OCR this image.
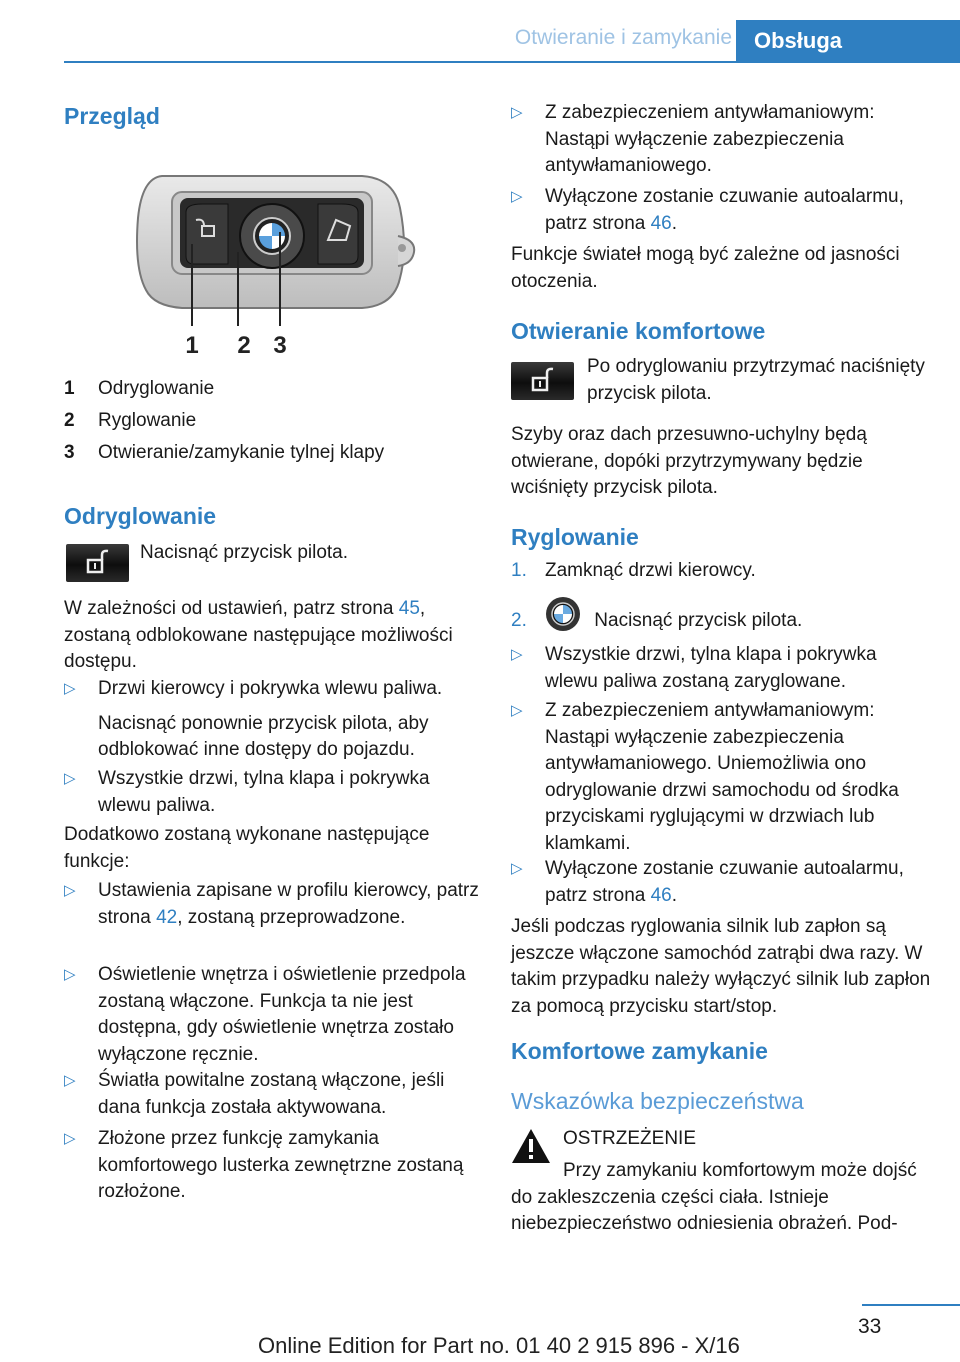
Otwieranie i zamykanie	Obsługa
Przegląd
1 2 3
1 Odryglowanie
2 Ryglowanie
3 Otwieranie/zamykanie tylnej klapy
Odryglowanie
Nacisnąć przycisk pilota.
W zależności od ustawień, patrz strona 45, zostaną odblokowane następujące możliwości dostępu.
▷ Drzwi kierowcy i pokrywka wlewu paliwa.
Nacisnąć ponownie przycisk pilota, aby odblokować inne dostępy do pojazdu.
▷ Wszystkie drzwi, tylna klapa i pokrywka wlewu paliwa.
Dodatkowo zostaną wykonane następujące funkcje:
▷ Ustawienia zapisane w profilu kierowcy, patrz strona 42, zostaną przeprowadzone.
▷ Oświetlenie wnętrza i oświetlenie przedpola zostaną włączone. Funkcja ta nie jest dostępna, gdy oświetlenie wnętrza zostało wyłączone ręcznie.
▷ Światła powitalne zostaną włączone, jeśli dana funkcja została aktywowana.
▷ Złożone przez funkcję zamykania komfortowego lusterka zewnętrzne zostaną rozłożone.
▷ Z zabezpieczeniem antywłamaniowym: Nastąpi wyłączenie zabezpieczenia antywłamaniowego.
▷ Wyłączone zostanie czuwanie autoalarmu, patrz strona 46.
Funkcje świateł mogą być zależne od jasności otoczenia.
Otwieranie komfortowe
Po odryglowaniu przytrzymać naciśnięty przycisk pilota.
Szyby oraz dach przesuwno-uchylny będą otwierane, dopóki przytrzymywany będzie wciśnięty przycisk pilota.
Ryglowanie
1. Zamknąć drzwi kierowcy.
2.	Nacisnąć przycisk pilota.
▷ Wszystkie drzwi, tylna klapa i pokrywka wlewu paliwa zostaną zaryglowane.
▷ Z zabezpieczeniem antywłamaniowym: Nastąpi wyłączenie zabezpieczenia antywłamaniowego. Uniemożliwia ono odryglowanie drzwi samochodu od środka przyciskami ryglującymi w drzwiach lub klamkami.
▷ Wyłączone zostanie czuwanie autoalarmu, patrz strona 46.
Jeśli podczas ryglowania silnik lub zapłon są jeszcze włączone samochód zatrąbi dwa razy. W takim przypadku należy wyłączyć silnik lub zapłon za pomocą przycisku start/stop.
Komfortowe zamykanie
Wskazówka bezpieczeństwa
OSTRZEŻENIE
Przy zamykaniu komfortowym może dojść do zakleszczenia części ciała. Istnieje niebezpieczeństwo odniesienia obrażeń. Pod-
33
Online Edition for Part no. 01 40 2 915 896 - X/16
